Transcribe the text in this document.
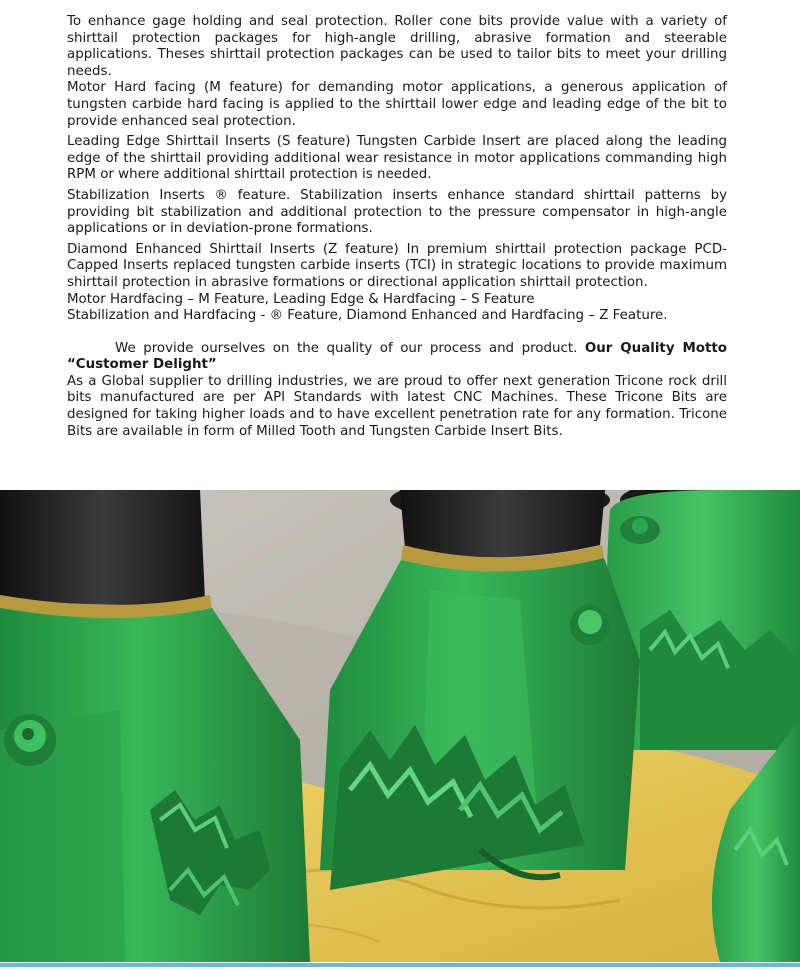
To enhance gage holding and seal protection. Roller cone bits provide value with a variety of shirttail protection packages for high-angle drilling, abrasive formation and steerable applications. Theses shirttail protection packages can be used to tailor bits to meet your drilling needs.

Motor Hard facing (M feature) for demanding motor applications, a generous application of tungsten carbide hard facing is applied to the shirttail lower edge and leading edge of the bit to provide enhanced seal protection.

Leading Edge Shirttail Inserts (S feature) Tungsten Carbide Insert are placed along the leading edge of the shirttail providing additional wear resistance in motor applications commanding high RPM or where additional shirttail protection is needed.

Stabilization Inserts ® feature. Stabilization inserts enhance standard shirttail patterns by providing bit stabilization and additional protection to the pressure compensator in high-angle applications or in deviation-prone formations.

Diamond Enhanced Shirttail Inserts (Z feature) In premium shirttail protection package PCD-Capped Inserts replaced tungsten carbide inserts (TCI) in strategic locations to provide maximum shirttail protection in abrasive formations or directional application shirttail protection.

Motor Hardfacing – M Feature, Leading Edge & Hardfacing – S Feature

Stabilization and Hardfacing - ® Feature, Diamond Enhanced and Hardfacing – Z Feature.

We provide ourselves on the quality of our process and product. Our Quality Motto “Customer Delight”

As a Global supplier to drilling industries, we are proud to offer next generation Tricone rock drill bits manufactured are per API Standards with latest CNC Machines. These Tricone Bits are designed for taking higher loads and to have excellent penetration rate for any formation. Tricone Bits are available in form of Milled Tooth and Tungsten Carbide Insert Bits.
